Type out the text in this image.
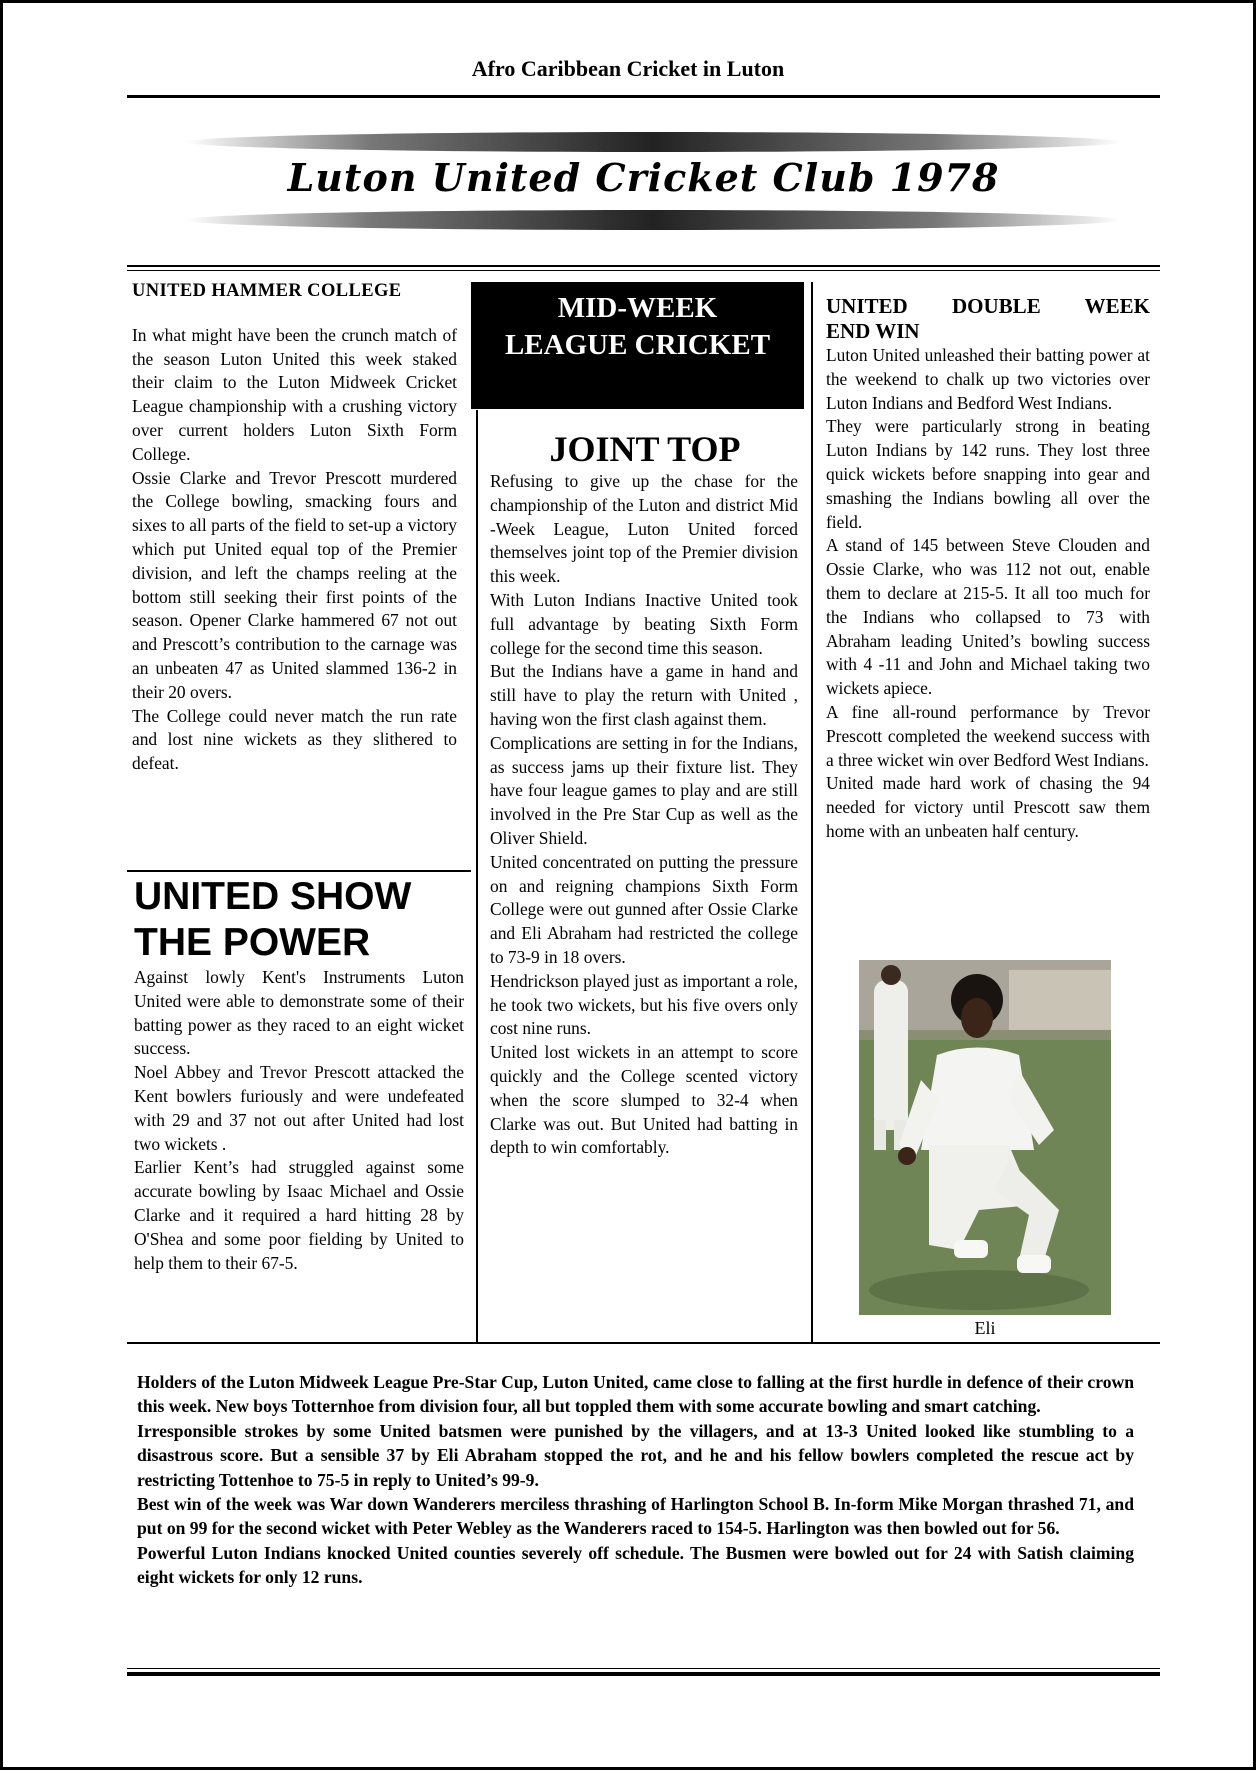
Afro Caribbean Cricket in Luton
Luton United Cricket Club 1978
UNITED HAMMER COLLEGE

In what might have been the crunch match of the season Luton United this week staked their claim to the Luton Midweek Cricket League championship with a crushing victory over current holders Luton Sixth Form College.

Ossie Clarke and Trevor Prescott murdered the College bowling, smacking fours and sixes to all parts of the field to set-up a victory which put United equal top of the Premier division, and left the champs reeling at the bottom still seeking their first points of the season. Opener Clarke hammered 67 not out and Prescott’s contribution to the carnage was an unbeaten 47 as United slammed 136-2 in their 20 overs.

The College could never match the run rate and lost nine wickets as they slithered to defeat.

UNITED SHOW
THE POWER

Against lowly Kent's Instruments Luton United were able to demonstrate some of their batting power as they raced to an eight wicket success.

Noel Abbey and Trevor Prescott attacked the Kent bowlers furiously and were undefeated with 29 and 37 not out after United had lost two wickets .

Earlier Kent’s had struggled against some accurate bowling by Isaac Michael and Ossie Clarke and it required a hard hitting 28 by O'Shea and some poor fielding by United to help them to their 67-5.

MID-WEEK
LEAGUE CRICKET
JOINT TOP

Refusing to give up the chase for the championship of the Luton and district Mid -Week League, Luton United forced themselves joint top of the Premier division this week.

With Luton Indians Inactive United took full advantage by beating Sixth Form college for the second time this season.

But the Indians have a game in hand and still have to play the return with United , having won the first clash against them.

Complications are setting in for the Indians, as success jams up their fixture list. They have four league games to play and are still involved in the Pre Star Cup as well as the Oliver Shield.

United concentrated on putting the pressure on and reigning champions Sixth Form College were out gunned after Ossie Clarke and Eli Abraham had restricted the college to 73-9 in 18 overs.

Hendrickson played just as important a role, he took two wickets, but his five overs only cost nine runs.

United lost wickets in an attempt to score quickly and the College scented victory when the score slumped to 32-4 when Clarke was out. But United had batting in depth to win comfortably.

UNITED DOUBLE WEEK
END WIN

Luton United unleashed their batting power at the weekend to chalk up two victories over Luton Indians and Bedford West Indians.

They were particularly strong in beating Luton Indians by 142 runs. They lost three quick wickets before snapping into gear and smashing the Indians bowling all over the field.

A stand of 145 between Steve Clouden and Ossie Clarke, who was 112 not out, enable them to declare at 215-5. It all too much for the Indians who collapsed to 73 with Abraham leading United’s bowling success with 4 -11 and John and Michael taking two wickets apiece.

A fine all-round performance by Trevor Prescott completed the weekend success with a three wicket win over Bedford West Indians.

United made hard work of chasing the 94 needed for victory until Prescott saw them home with an unbeaten half century.

Eli

Holders of the Luton Midweek League Pre-Star Cup, Luton United, came close to falling at the first hurdle in defence of their crown this week. New boys Totternhoe from division four, all but toppled them with some accurate bowling and smart catching.

Irresponsible strokes by some United batsmen were punished by the villagers, and at 13-3 United looked like stumbling to a disastrous score. But a sensible 37 by Eli Abraham stopped the rot, and he and his fellow bowlers completed the rescue act by restricting Tottenhoe to 75-5 in reply to United’s 99-9.

Best win of the week was War down Wanderers merciless thrashing of Harlington School B. In-form Mike Morgan thrashed 71, and put on 99 for the second wicket with Peter Webley as the Wanderers raced to 154-5. Harlington was then bowled out for 56.

Powerful Luton Indians knocked United counties severely off schedule. The Busmen were bowled out for 24 with Satish claiming eight wickets for only 12 runs.
